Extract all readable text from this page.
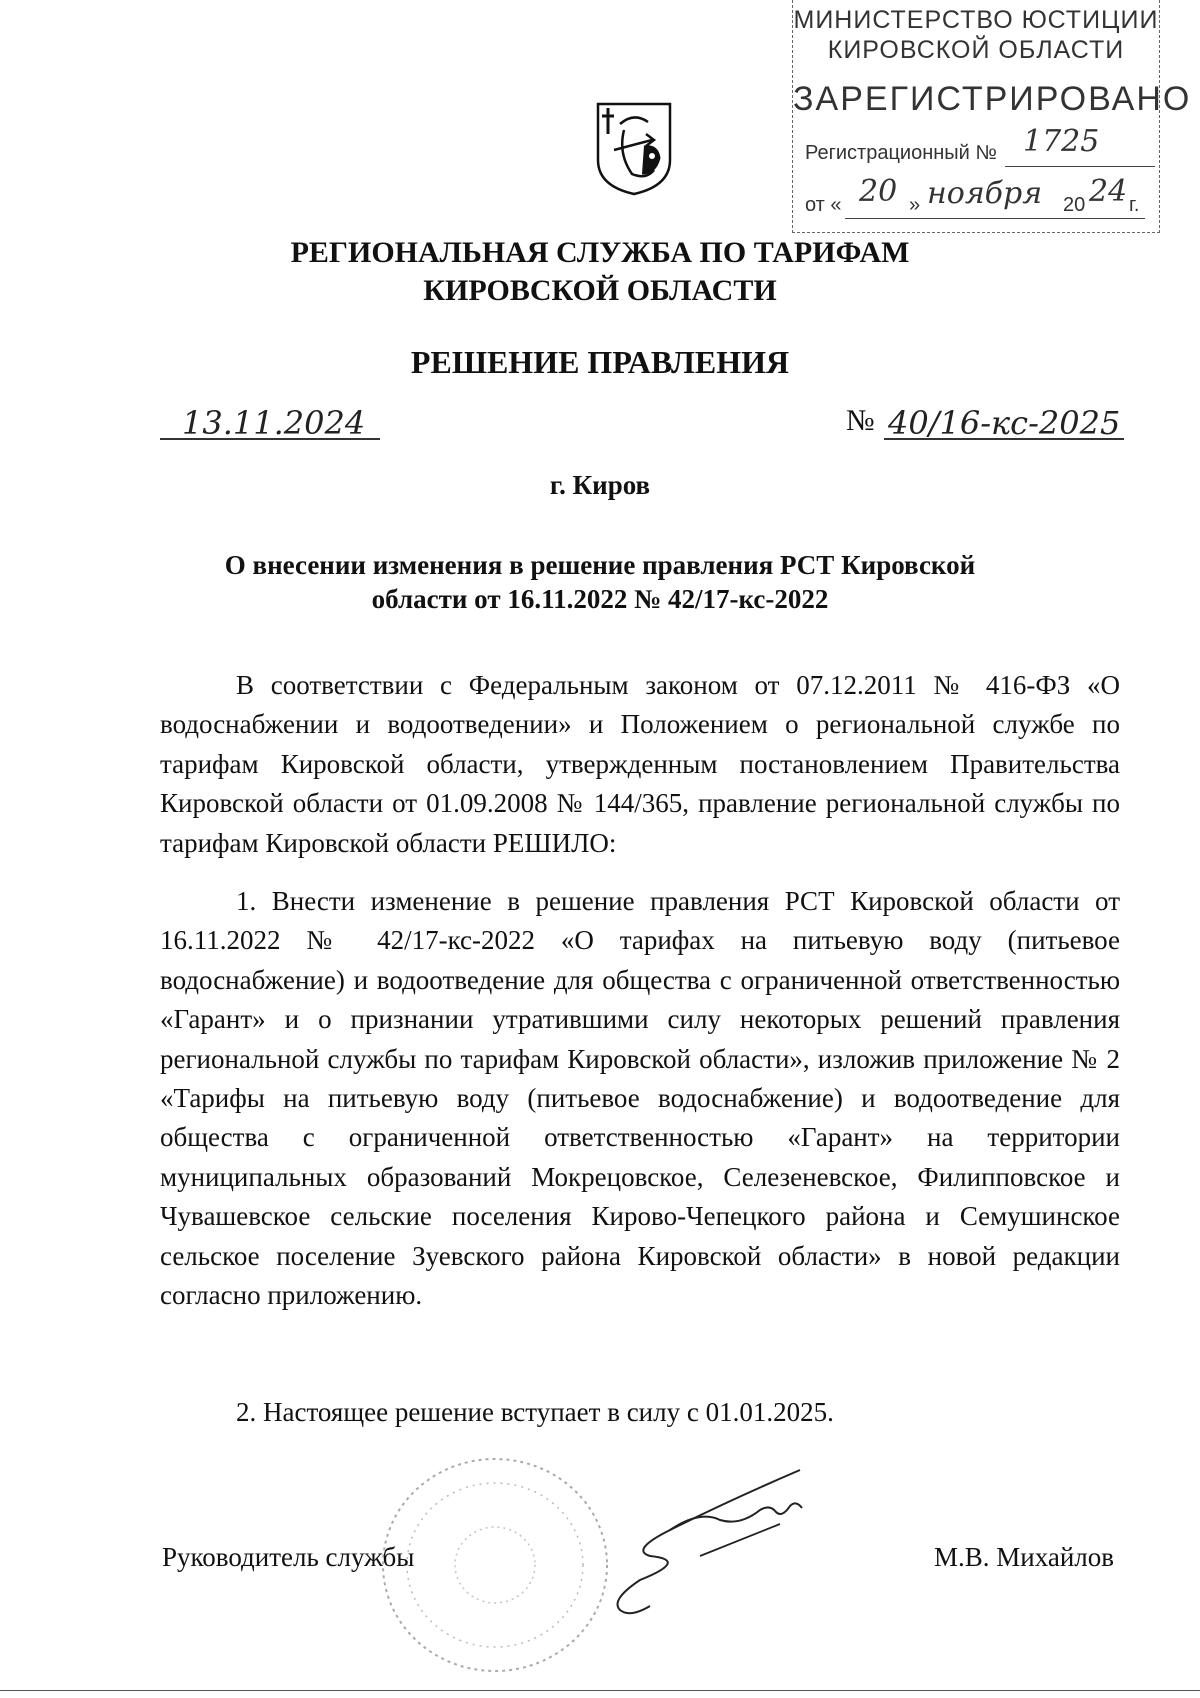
МИНИСТЕРСТВО ЮСТИЦИИ
КИРОВСКОЙ ОБЛАСТИ
ЗАРЕГИСТРИРОВАНО
Регистрационный № 1725
от « 20 » ноября 20 24 г.
РЕГИОНАЛЬНАЯ СЛУЖБА ПО ТАРИФАМ
КИРОВСКОЙ ОБЛАСТИ
РЕШЕНИЕ ПРАВЛЕНИЯ
13.11.2024	№ 40/16-кс-2025
г. Киров
О внесении изменения в решение правления РСТ Кировской
области от 16.11.2022 № 42/17-кс-2022

В соответствии с Федеральным законом от 07.12.2011 № 416-ФЗ «О водоснабжении и водоотведении» и Положением о региональной службе по тарифам Кировской области, утвержденным постановлением Правительства Кировской области от 01.09.2008 № 144/365, правление региональной службы по тарифам Кировской области РЕШИЛО:

1. Внести изменение в решение правления РСТ Кировской области от 16.11.2022 № 42/17-кс-2022 «О тарифах на питьевую воду (питьевое водоснабжение) и водоотведение для общества с ограниченной ответственностью «Гарант» и о признании утратившими силу некоторых решений правления региональной службы по тарифам Кировской области», изложив приложение № 2 «Тарифы на питьевую воду (питьевое водоснабжение) и водоотведение для общества с ограниченной ответственностью «Гарант» на территории муниципальных образований Мокрецовское, Селезеневское, Филипповское и Чувашевское сельские поселения Кирово-Чепецкого района и Семушинское сельское поселение Зуевского района Кировской области» в новой редакции согласно приложению.

2. Настоящее решение вступает в силу с 01.01.2025.

Руководитель службы	М.В. Михайлов
